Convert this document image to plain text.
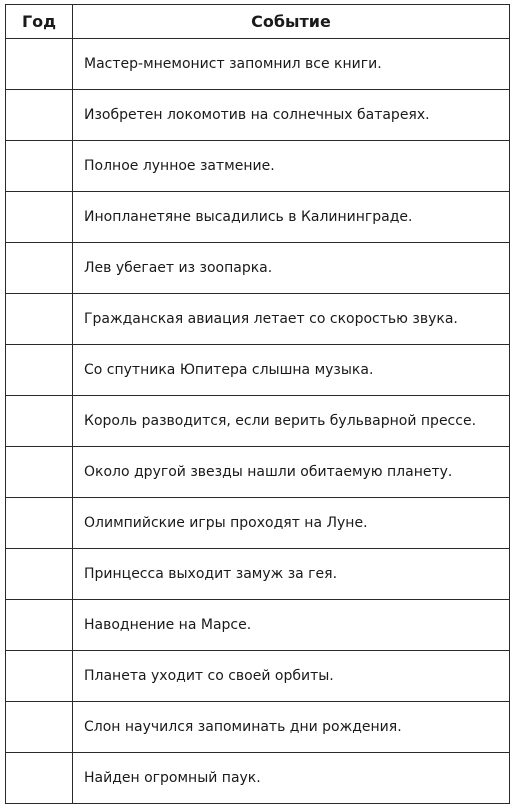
Год	Событие
	Мастер-мнемонист запомнил все книги.
	Изобретен локомотив на солнечных батареях.
	Полное лунное затмение.
	Инопланетяне высадились в Калининграде.
	Лев убегает из зоопарка.
	Гражданская авиация летает со скоростью звука.
	Со спутника Юпитера слышна музыка.
	Король разводится, если верить бульварной прессе.
	Около другой звезды нашли обитаемую планету.
	Олимпийские игры проходят на Луне.
	Принцесса выходит замуж за гея.
	Наводнение на Марсе.
	Планета уходит со своей орбиты.
	Слон научился запоминать дни рождения.
	Найден огромный паук.
